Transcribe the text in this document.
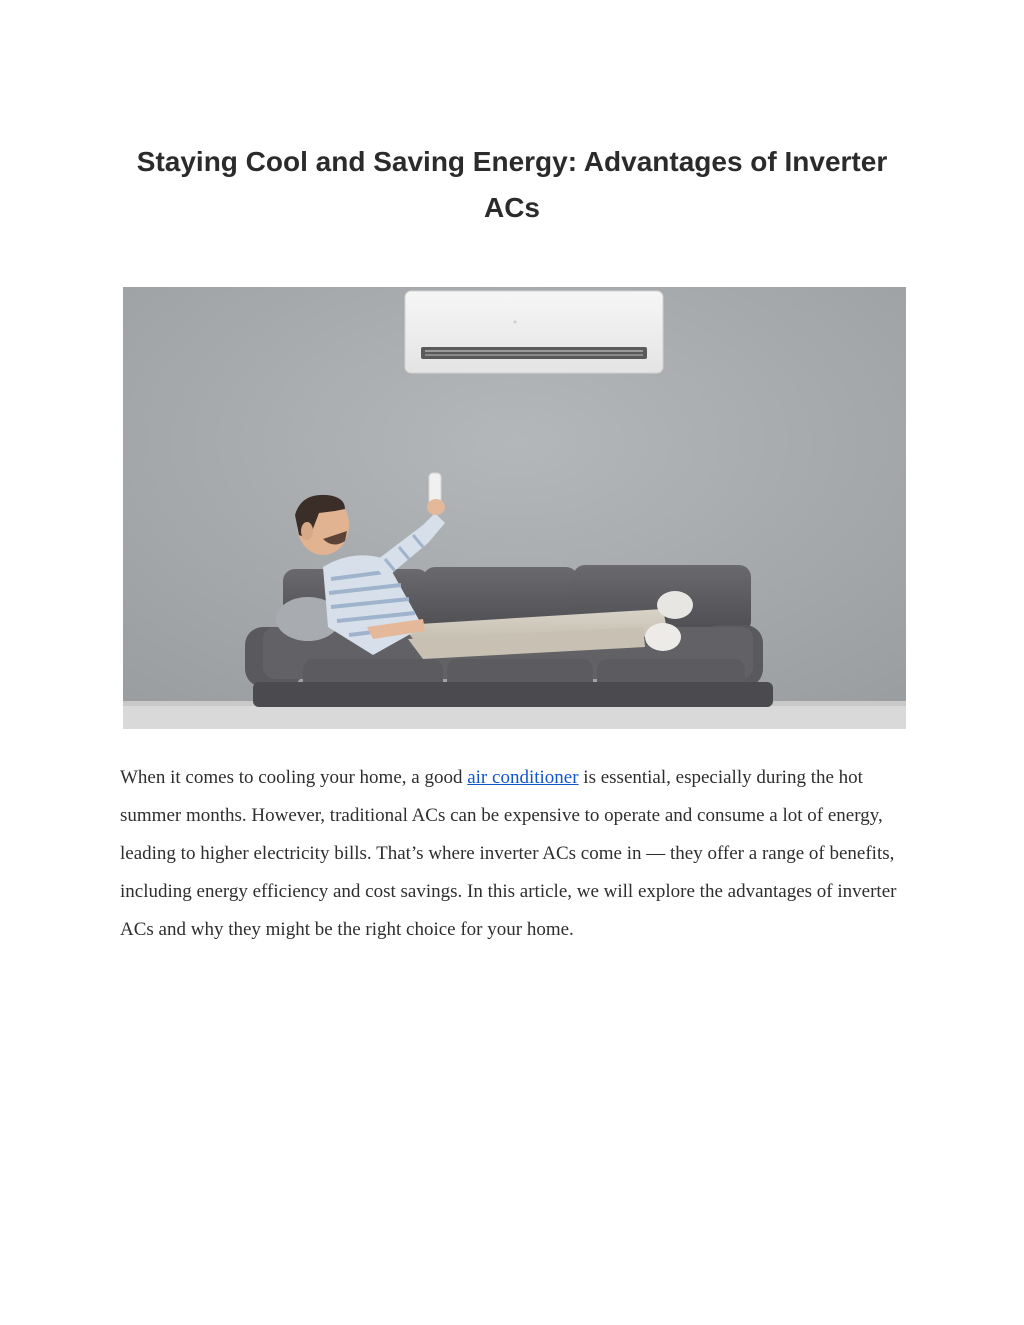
Staying Cool and Saving Energy: Advantages of Inverter ACs

When it comes to cooling your home, a good air conditioner is essential, especially during the hot summer months. However, traditional ACs can be expensive to operate and consume a lot of energy, leading to higher electricity bills. That’s where inverter ACs come in — they offer a range of benefits, including energy efficiency and cost savings. In this article, we will explore the advantages of inverter ACs and why they might be the right choice for your home.
